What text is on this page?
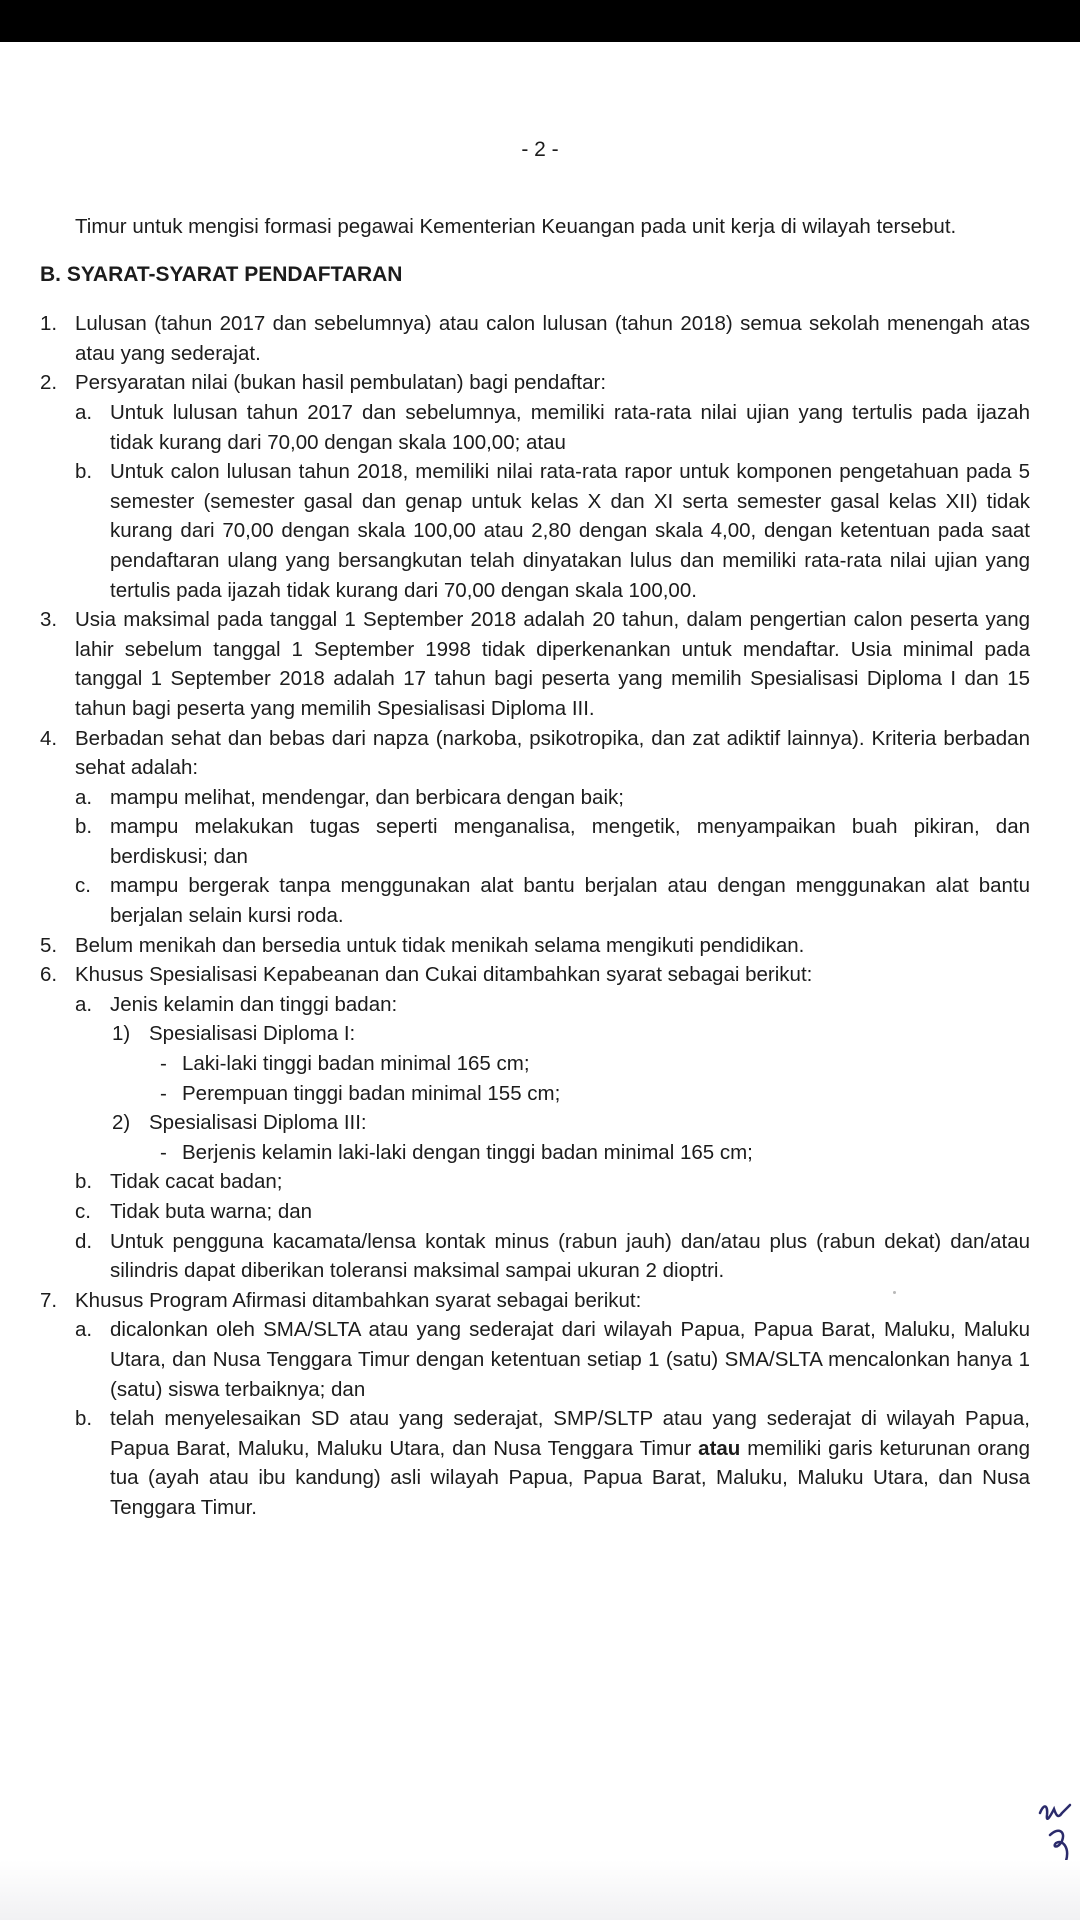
- 2 -
Timur untuk mengisi formasi pegawai Kementerian Keuangan pada unit kerja di wilayah tersebut.
B. SYARAT-SYARAT PENDAFTARAN
1. Lulusan (tahun 2017 dan sebelumnya) atau calon lulusan (tahun 2018) semua sekolah menengah atas atau yang sederajat.
2. Persyaratan nilai (bukan hasil pembulatan) bagi pendaftar:
a. Untuk lulusan tahun 2017 dan sebelumnya, memiliki rata-rata nilai ujian yang tertulis pada ijazah tidak kurang dari 70,00 dengan skala 100,00; atau
b. Untuk calon lulusan tahun 2018, memiliki nilai rata-rata rapor untuk komponen pengetahuan pada 5 semester (semester gasal dan genap untuk kelas X dan XI serta semester gasal kelas XII) tidak kurang dari 70,00 dengan skala 100,00 atau 2,80 dengan skala 4,00, dengan ketentuan pada saat pendaftaran ulang yang bersangkutan telah dinyatakan lulus dan memiliki rata-rata nilai ujian yang tertulis pada ijazah tidak kurang dari 70,00 dengan skala 100,00.
3. Usia maksimal pada tanggal 1 September 2018 adalah 20 tahun, dalam pengertian calon peserta yang lahir sebelum tanggal 1 September 1998 tidak diperkenankan untuk mendaftar. Usia minimal pada tanggal 1 September 2018 adalah 17 tahun bagi peserta yang memilih Spesialisasi Diploma I dan 15 tahun bagi peserta yang memilih Spesialisasi Diploma III.
4. Berbadan sehat dan bebas dari napza (narkoba, psikotropika, dan zat adiktif lainnya). Kriteria berbadan sehat adalah:
a. mampu melihat, mendengar, dan berbicara dengan baik;
b. mampu melakukan tugas seperti menganalisa, mengetik, menyampaikan buah pikiran, dan berdiskusi; dan
c. mampu bergerak tanpa menggunakan alat bantu berjalan atau dengan menggunakan alat bantu berjalan selain kursi roda.
5. Belum menikah dan bersedia untuk tidak menikah selama mengikuti pendidikan.
6. Khusus Spesialisasi Kepabeanan dan Cukai ditambahkan syarat sebagai berikut:
a. Jenis kelamin dan tinggi badan:
1) Spesialisasi Diploma I:
- Laki-laki tinggi badan minimal 165 cm;
- Perempuan tinggi badan minimal 155 cm;
2) Spesialisasi Diploma III:
- Berjenis kelamin laki-laki dengan tinggi badan minimal 165 cm;
b. Tidak cacat badan;
c. Tidak buta warna; dan
d. Untuk pengguna kacamata/lensa kontak minus (rabun jauh) dan/atau plus (rabun dekat) dan/atau silindris dapat diberikan toleransi maksimal sampai ukuran 2 dioptri.
7. Khusus Program Afirmasi ditambahkan syarat sebagai berikut:
a. dicalonkan oleh SMA/SLTA atau yang sederajat dari wilayah Papua, Papua Barat, Maluku, Maluku Utara, dan Nusa Tenggara Timur dengan ketentuan setiap 1 (satu) SMA/SLTA mencalonkan hanya 1 (satu) siswa terbaiknya; dan
b. telah menyelesaikan SD atau yang sederajat, SMP/SLTP atau yang sederajat di wilayah Papua, Papua Barat, Maluku, Maluku Utara, dan Nusa Tenggara Timur atau memiliki garis keturunan orang tua (ayah atau ibu kandung) asli wilayah Papua, Papua Barat, Maluku, Maluku Utara, dan Nusa Tenggara Timur.
